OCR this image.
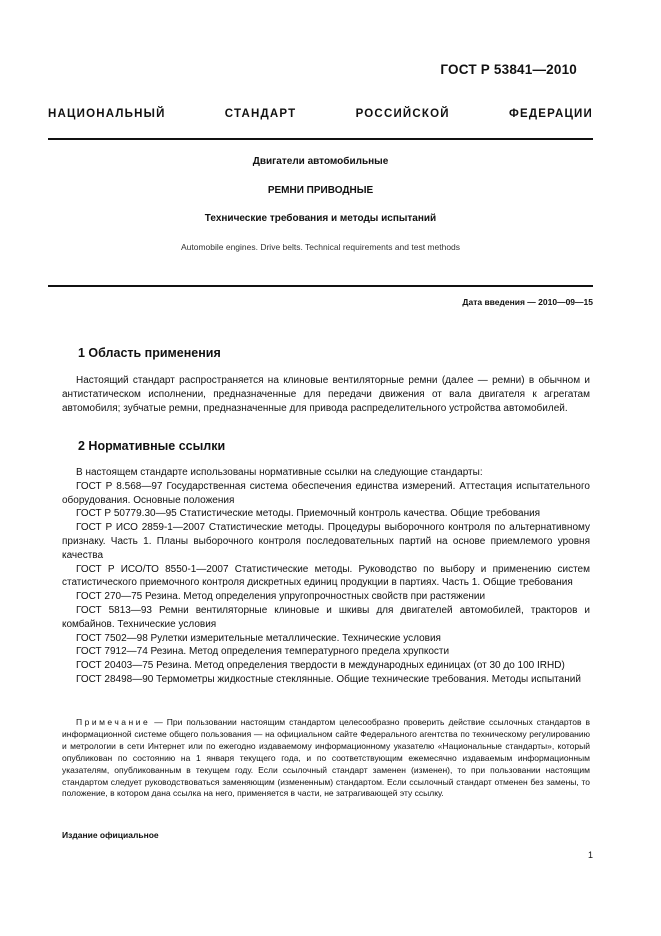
ГОСТ Р 53841—2010
НАЦИОНАЛЬНЫЙ СТАНДАРТ РОССИЙСКОЙ ФЕДЕРАЦИИ
Двигатели автомобильные
РЕМНИ ПРИВОДНЫЕ
Технические требования и методы испытаний
Automobile engines. Drive belts. Technical requirements and test methods
Дата введения — 2010—09—15
1 Область применения

Настоящий стандарт распространяется на клиновые вентиляторные ремни (далее — ремни) в обычном и антистатическом исполнении, предназначенные для передачи движения от вала двигателя к агрегатам автомобиля; зубчатые ремни, предназначенные для привода распределительного устройства автомобилей.

2 Нормативные ссылки

В настоящем стандарте использованы нормативные ссылки на следующие стандарты:

ГОСТ Р 8.568—97 Государственная система обеспечения единства измерений. Аттестация испытательного оборудования. Основные положения

ГОСТ Р 50779.30—95 Статистические методы. Приемочный контроль качества. Общие требования

ГОСТ Р ИСО 2859-1—2007 Статистические методы. Процедуры выборочного контроля по альтернативному признаку. Часть 1. Планы выборочного контроля последовательных партий на основе приемлемого уровня качества

ГОСТ Р ИСО/ТО 8550-1—2007 Статистические методы. Руководство по выбору и применению систем статистического приемочного контроля дискретных единиц продукции в партиях. Часть 1. Общие требования

ГОСТ 270—75 Резина. Метод определения упругопрочностных свойств при растяжении

ГОСТ 5813—93 Ремни вентиляторные клиновые и шкивы для двигателей автомобилей, тракторов и комбайнов. Технические условия

ГОСТ 7502—98 Рулетки измерительные металлические. Технические условия

ГОСТ 7912—74 Резина. Метод определения температурного предела хрупкости

ГОСТ 20403—75 Резина. Метод определения твердости в международных единицах (от 30 до 100 IRHD)

ГОСТ 28498—90 Термометры жидкостные стеклянные. Общие технические требования. Методы испытаний

Примечание — При пользовании настоящим стандартом целесообразно проверить действие ссылочных стандартов в информационной системе общего пользования — на официальном сайте Федерального агентства по техническому регулированию и метрологии в сети Интернет или по ежегодно издаваемому информационному указателю «Национальные стандарты», который опубликован по состоянию на 1 января текущего года, и по соответствующим ежемесячно издаваемым информационным указателям, опубликованным в текущем году. Если ссылочный стандарт заменен (изменен), то при пользовании настоящим стандартом следует руководствоваться заменяющим (измененным) стандартом. Если ссылочный стандарт отменен без замены, то положение, в котором дана ссылка на него, применяется в части, не затрагивающей эту ссылку.

Издание официальное
1
